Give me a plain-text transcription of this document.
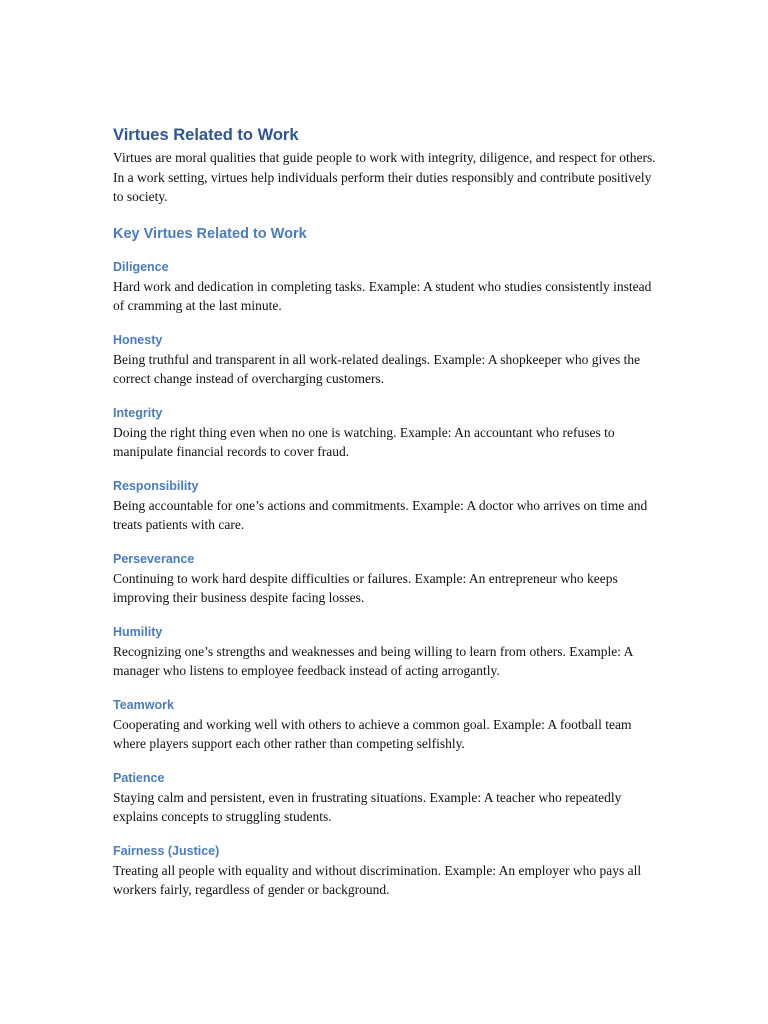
Virtues Related to Work

Virtues are moral qualities that guide people to work with integrity, diligence, and respect for others. In a work setting, virtues help individuals perform their duties responsibly and contribute positively to society.

Key Virtues Related to Work
Diligence

Hard work and dedication in completing tasks. Example: A student who studies consistently instead of cramming at the last minute.

Honesty

Being truthful and transparent in all work-related dealings. Example: A shopkeeper who gives the correct change instead of overcharging customers.

Integrity

Doing the right thing even when no one is watching. Example: An accountant who refuses to manipulate financial records to cover fraud.

Responsibility

Being accountable for one’s actions and commitments. Example: A doctor who arrives on time and treats patients with care.

Perseverance

Continuing to work hard despite difficulties or failures. Example: An entrepreneur who keeps improving their business despite facing losses.

Humility

Recognizing one’s strengths and weaknesses and being willing to learn from others. Example: A manager who listens to employee feedback instead of acting arrogantly.

Teamwork

Cooperating and working well with others to achieve a common goal. Example: A football team where players support each other rather than competing selfishly.

Patience

Staying calm and persistent, even in frustrating situations. Example: A teacher who repeatedly explains concepts to struggling students.

Fairness (Justice)

Treating all people with equality and without discrimination. Example: An employer who pays all workers fairly, regardless of gender or background.
